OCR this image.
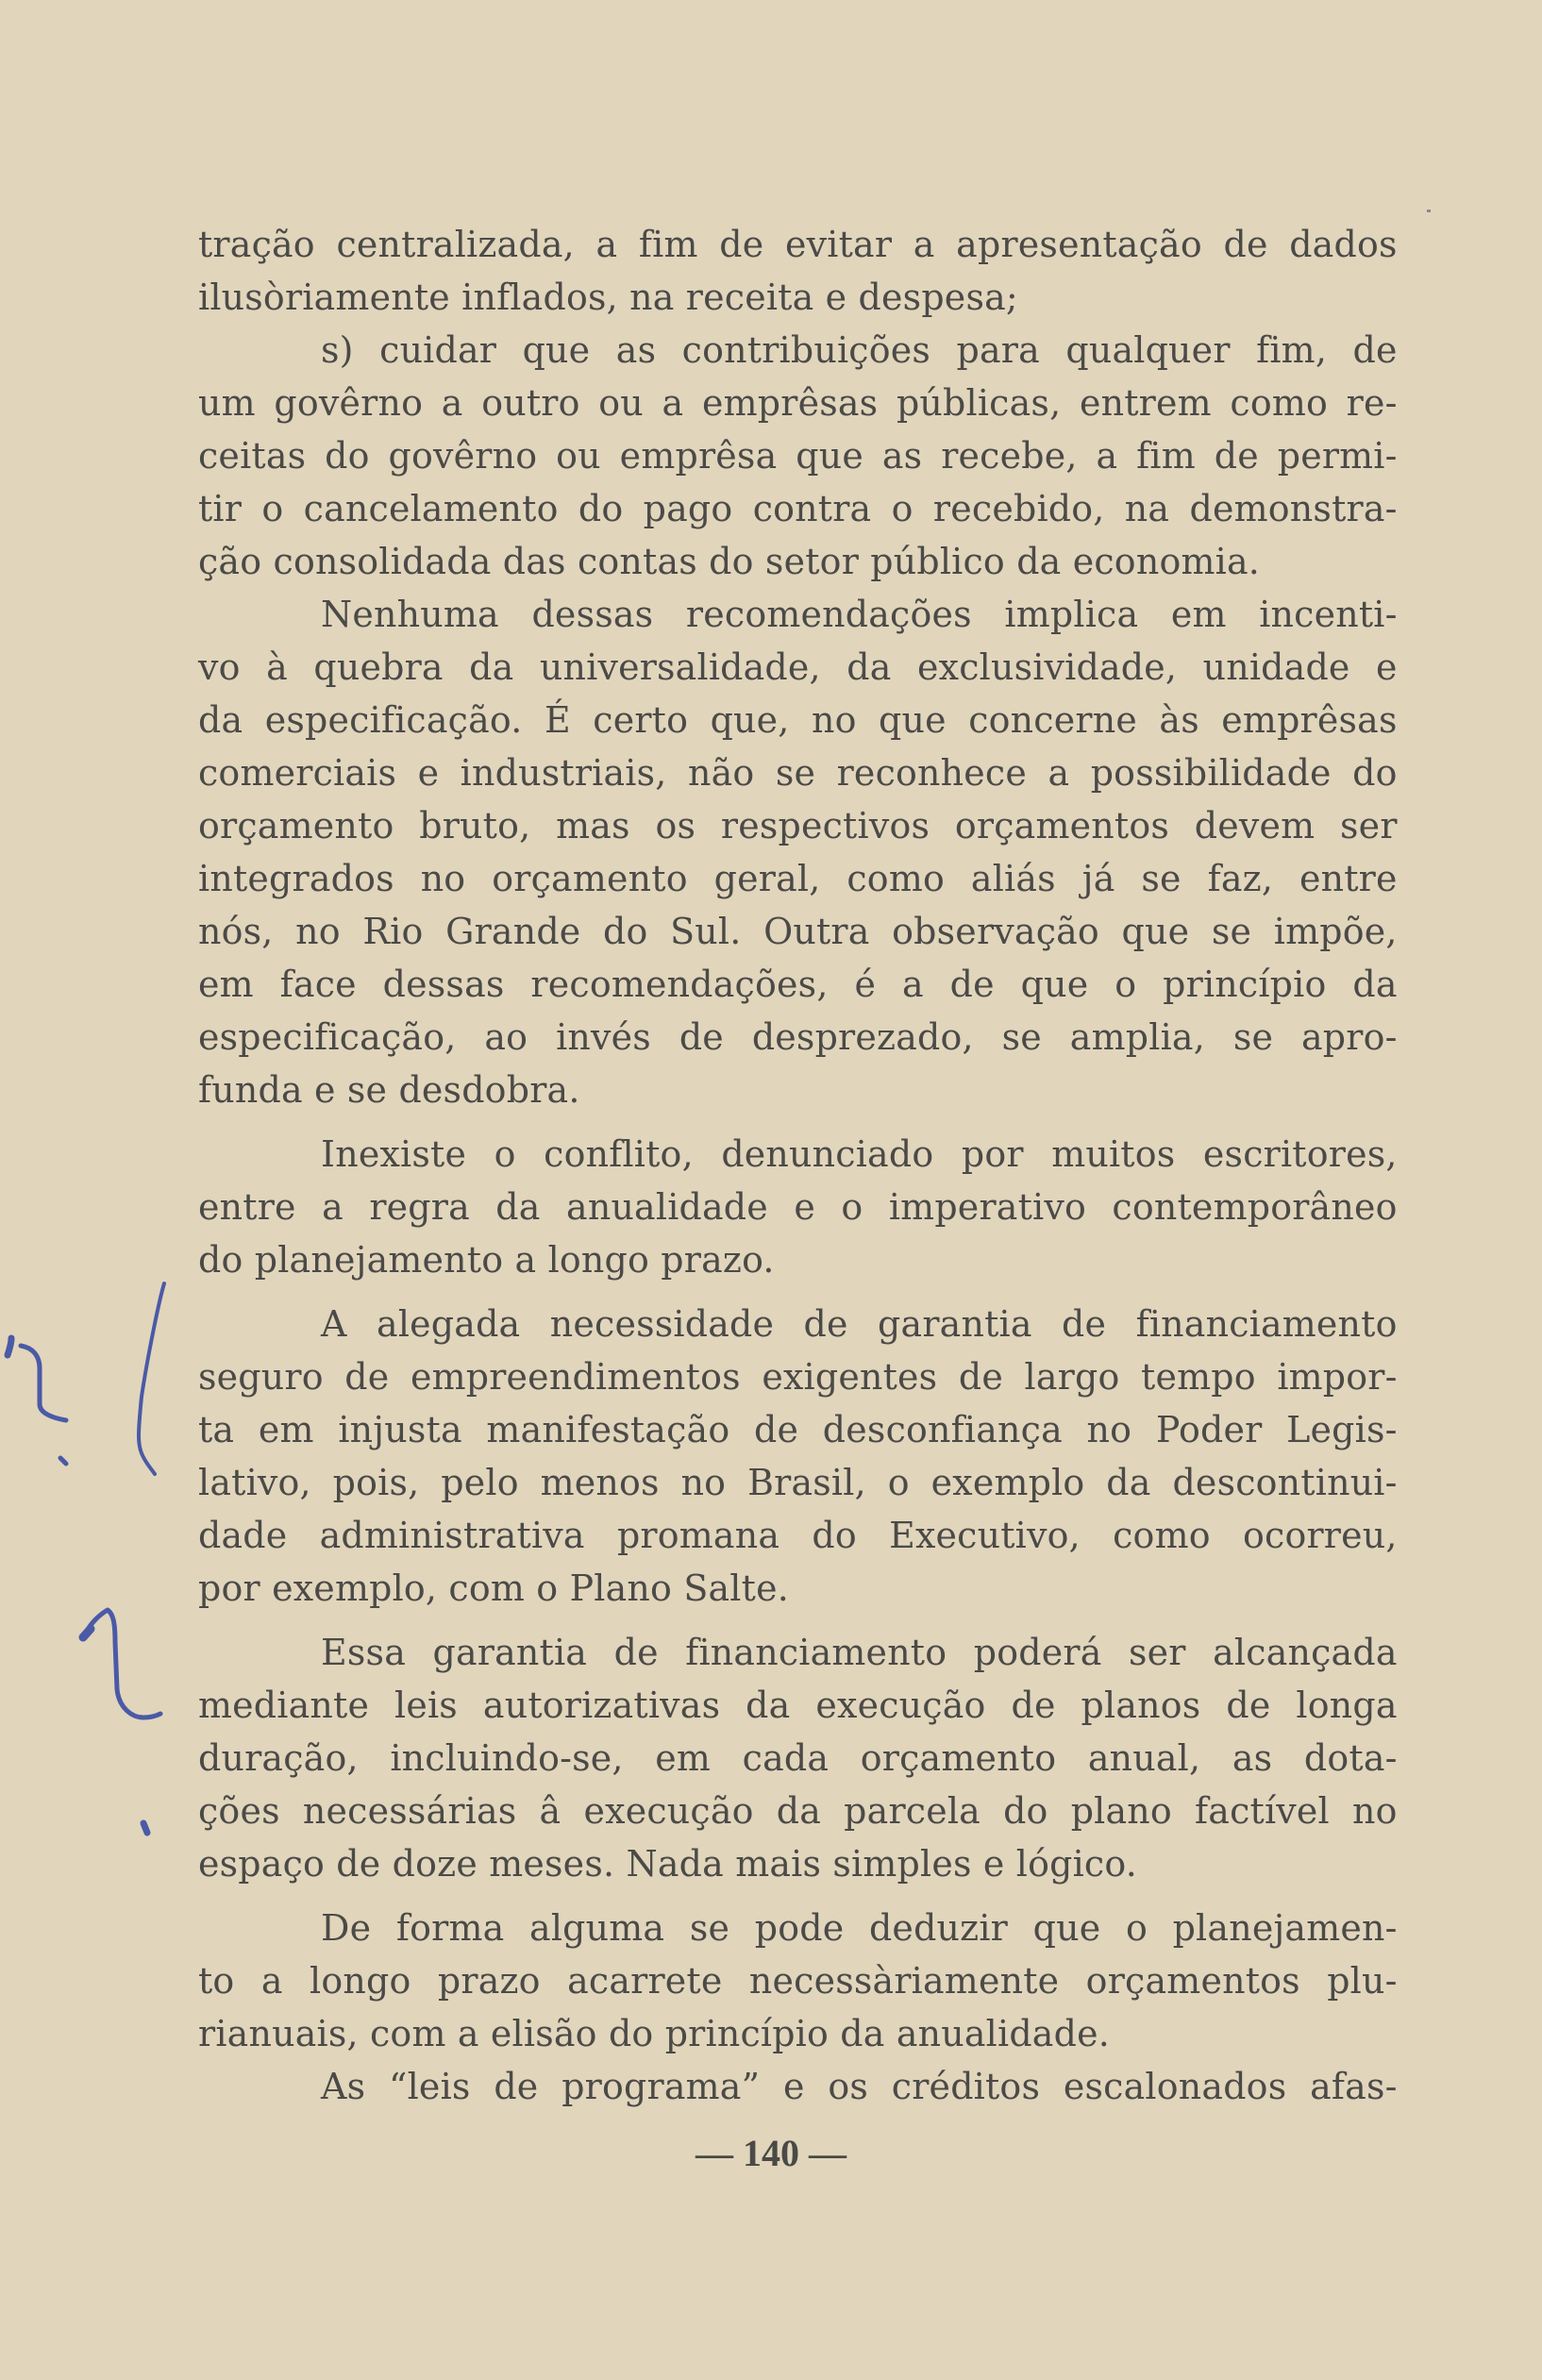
tração centralizada, a fim de evitar a apresentação de dados
ilusòriamente inflados, na receita e despesa;
s) cuidar que as contribuições para qualquer fim, de
um govêrno a outro ou a emprêsas públicas, entrem como re-
ceitas do govêrno ou emprêsa que as recebe, a fim de permi-
tir o cancelamento do pago contra o recebido, na demonstra-
ção consolidada das contas do setor público da economia.
Nenhuma dessas recomendações implica em incenti-
vo à quebra da universalidade, da exclusividade, unidade e
da especificação. É certo que, no que concerne às emprêsas
comerciais e industriais, não se reconhece a possibilidade do
orçamento bruto, mas os respectivos orçamentos devem ser
integrados no orçamento geral, como aliás já se faz, entre
nós, no Rio Grande do Sul. Outra observação que se impõe,
em face dessas recomendações, é a de que o princípio da
especificação, ao invés de desprezado, se amplia, se apro-
funda e se desdobra.
Inexiste o conflito, denunciado por muitos escritores,
entre a regra da anualidade e o imperativo contemporâneo
do planejamento a longo prazo.
A alegada necessidade de garantia de financiamento
seguro de empreendimentos exigentes de largo tempo impor-
ta em injusta manifestação de desconfiança no Poder Legis-
lativo, pois, pelo menos no Brasil, o exemplo da descontinui-
dade administrativa promana do Executivo, como ocorreu,
por exemplo, com o Plano Salte.
Essa garantia de financiamento poderá ser alcançada
mediante leis autorizativas da execução de planos de longa
duração, incluindo-se, em cada orçamento anual, as dota-
ções necessárias â execução da parcela do plano factível no
espaço de doze meses. Nada mais simples e lógico.
De forma alguma se pode deduzir que o planejamen-
to a longo prazo acarrete necessàriamente orçamentos plu-
rianuais, com a elisão do princípio da anualidade.
As “leis de programa” e os créditos escalonados afas-
— 140 —
